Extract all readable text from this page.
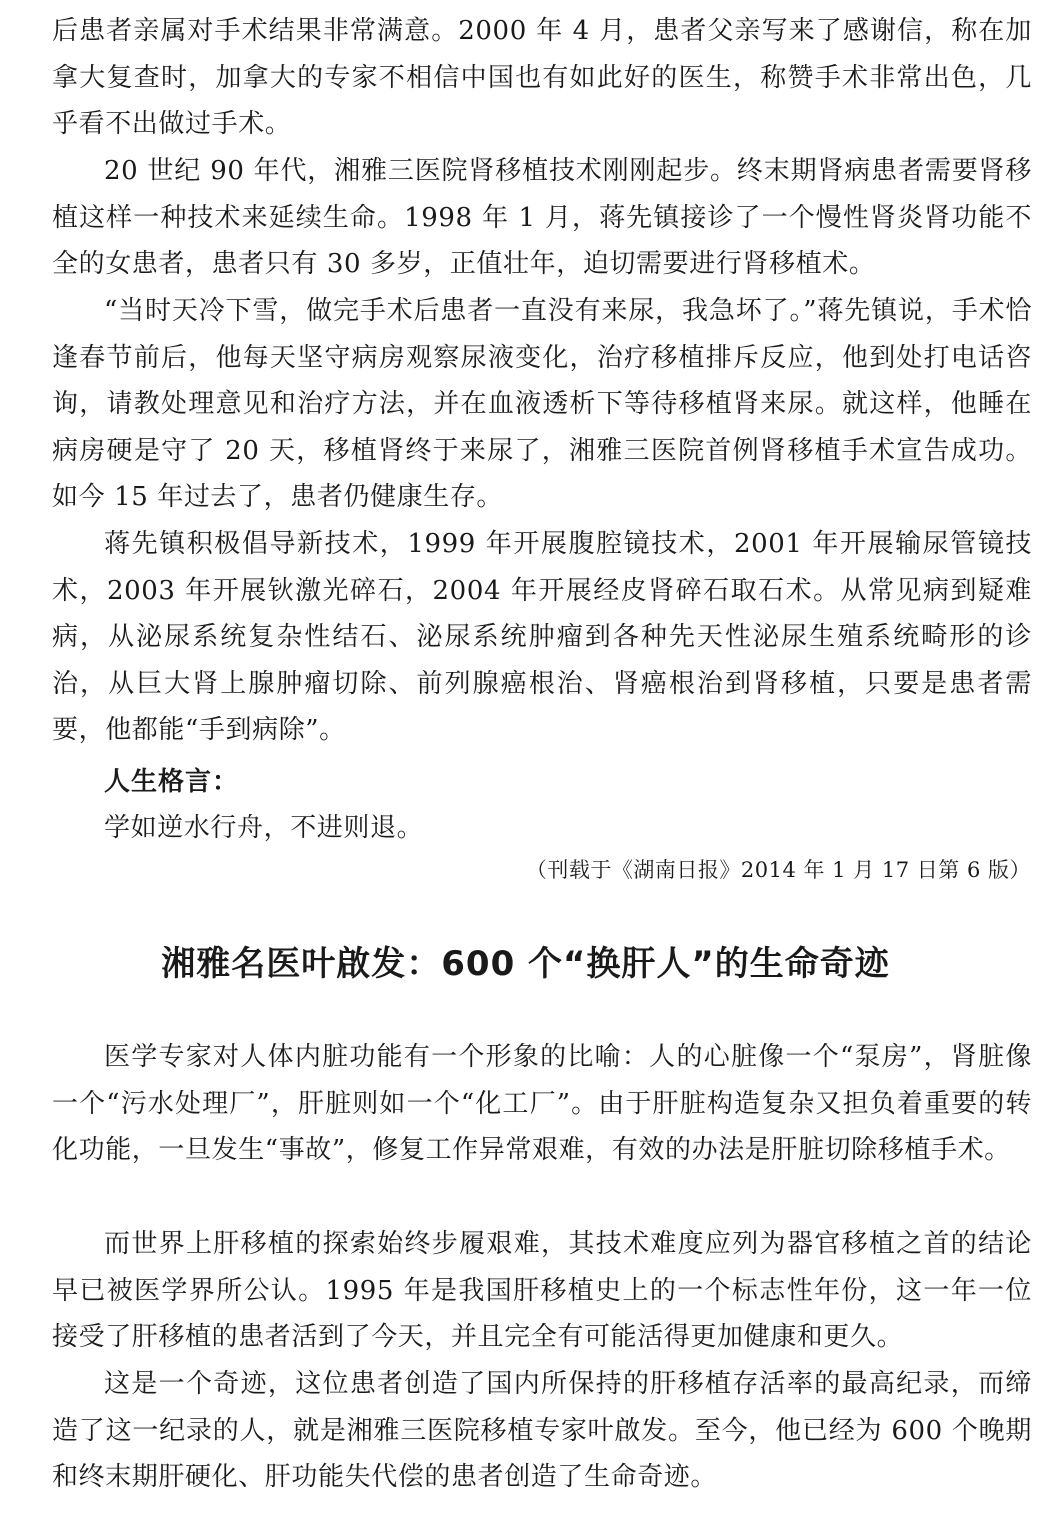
后患者亲属对手术结果非常满意。2000 年 4 月，患者父亲写来了感谢信，称在加拿大复查时，加拿大的专家不相信中国也有如此好的医生，称赞手术非常出色，几乎看不出做过手术。

20 世纪 90 年代，湘雅三医院肾移植技术刚刚起步。终末期肾病患者需要肾移植这样一种技术来延续生命。1998 年 1 月，蒋先镇接诊了一个慢性肾炎肾功能不全的女患者，患者只有 30 多岁，正值壮年，迫切需要进行肾移植术。

“当时天冷下雪，做完手术后患者一直没有来尿，我急坏了。”蒋先镇说，手术恰逢春节前后，他每天坚守病房观察尿液变化，治疗移植排斥反应，他到处打电话咨询，请教处理意见和治疗方法，并在血液透析下等待移植肾来尿。就这样，他睡在病房硬是守了 20 天，移植肾终于来尿了，湘雅三医院首例肾移植手术宣告成功。如今 15 年过去了，患者仍健康生存。

蒋先镇积极倡导新技术，1999 年开展腹腔镜技术，2001 年开展输尿管镜技术，2003 年开展钬激光碎石，2004 年开展经皮肾碎石取石术。从常见病到疑难病，从泌尿系统复杂性结石、泌尿系统肿瘤到各种先天性泌尿生殖系统畸形的诊治，从巨大肾上腺肿瘤切除、前列腺癌根治、肾癌根治到肾移植，只要是患者需要，他都能“手到病除”。

人生格言：

学如逆水行舟，不进则退。

（刊载于《湖南日报》2014 年 1 月 17 日第 6 版）

湘雅名医叶啟发：600 个“换肝人”的生命奇迹

医学专家对人体内脏功能有一个形象的比喻：人的心脏像一个“泵房”，肾脏像一个“污水处理厂”，肝脏则如一个“化工厂”。由于肝脏构造复杂又担负着重要的转化功能，一旦发生“事故”，修复工作异常艰难，有效的办法是肝脏切除移植手术。

而世界上肝移植的探索始终步履艰难，其技术难度应列为器官移植之首的结论早已被医学界所公认。1995 年是我国肝移植史上的一个标志性年份，这一年一位接受了肝移植的患者活到了今天，并且完全有可能活得更加健康和更久。

这是一个奇迹，这位患者创造了国内所保持的肝移植存活率的最高纪录，而缔造了这一纪录的人，就是湘雅三医院移植专家叶啟发。至今，他已经为 600 个晚期和终末期肝硬化、肝功能失代偿的患者创造了生命奇迹。
